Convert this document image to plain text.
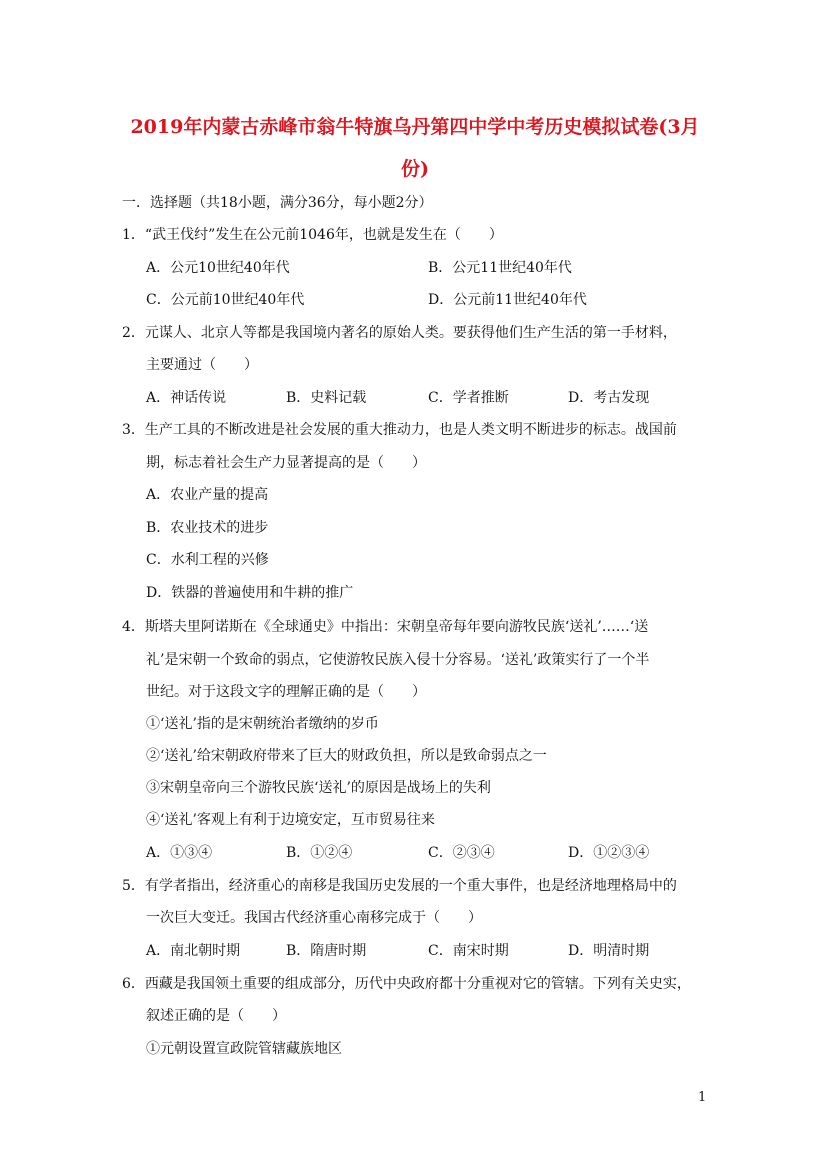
2019年内蒙古赤峰市翁牛特旗乌丹第四中学中考历史模拟试卷(3月
份)
一．选择题（共18小题，满分36分，每小题2分）
1．“武王伐纣”发生在公元前1046年，也就是发生在（　　）
A．公元10世纪40年代	B．公元11世纪40年代
C．公元前10世纪40年代	D．公元前11世纪40年代
2．元谋人、北京人等都是我国境内著名的原始人类。要获得他们生产生活的第一手材料，
主要通过（　　）
A．神话传说	B．史料记载	C．学者推断	D．考古发现
3．生产工具的不断改进是社会发展的重大推动力，也是人类文明不断进步的标志。战国前
期，标志着社会生产力显著提高的是（　　）
A．农业产量的提高
B．农业技术的进步
C．水利工程的兴修
D．铁器的普遍使用和牛耕的推广
4．斯塔夫里阿诺斯在《全球通史》中指出：宋朝皇帝每年要向游牧民族‘送礼’……‘送
礼’是宋朝一个致命的弱点，它使游牧民族入侵十分容易。‘送礼’政策实行了一个半
世纪。对于这段文字的理解正确的是（　　）
①‘送礼’指的是宋朝统治者缴纳的岁币
②‘送礼’给宋朝政府带来了巨大的财政负担，所以是致命弱点之一
③宋朝皇帝向三个游牧民族‘送礼’的原因是战场上的失利
④‘送礼’客观上有利于边境安定，互市贸易往来
A．①③④	B．①②④	C．②③④	D．①②③④
5．有学者指出，经济重心的南移是我国历史发展的一个重大事件，也是经济地理格局中的
一次巨大变迁。我国古代经济重心南移完成于（　　）
A．南北朝时期	B．隋唐时期	C．南宋时期	D．明清时期
6．西藏是我国领土重要的组成部分，历代中央政府都十分重视对它的管辖。下列有关史实，
叙述正确的是（　　）
①元朝设置宣政院管辖藏族地区
1
